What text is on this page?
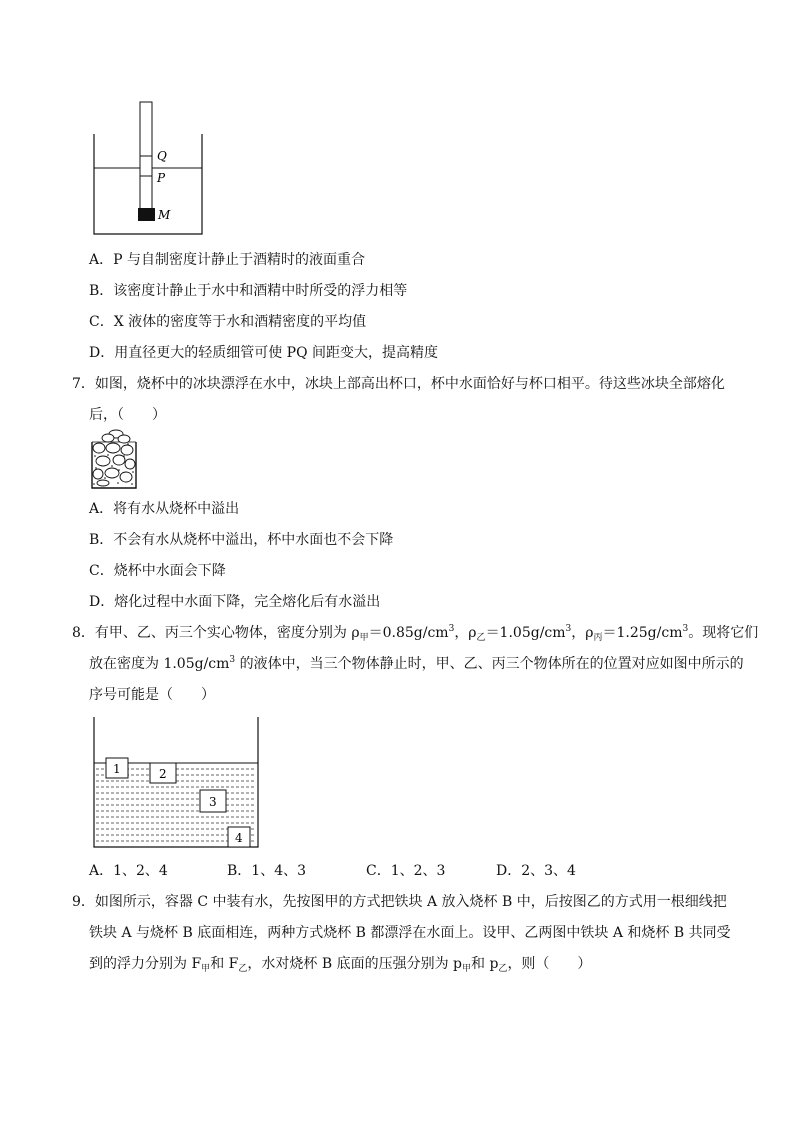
Q
P
M
A．P 与自制密度计静止于酒精时的液面重合
B．该密度计静止于水中和酒精中时所受的浮力相等
C．X 液体的密度等于水和酒精密度的平均值
D．用直径更大的轻质细管可使 PQ 间距变大，提高精度
7．如图，烧杯中的冰块漂浮在水中，冰块上部高出杯口，杯中水面恰好与杯口相平。待这些冰块全部熔化
后，（　　）
A．将有水从烧杯中溢出
B．不会有水从烧杯中溢出，杯中水面也不会下降
C．烧杯中水面会下降
D．熔化过程中水面下降，完全熔化后有水溢出
8．有甲、乙、丙三个实心物体，密度分别为 $\rho_甲=0.85g/cm^3$，$\rho_乙=1.05g/cm^3$，$\rho_丙=1.25g/cm^3$。现将它们
放在密度为 $1.05g/cm^3$ 的液体中，当三个物体静止时，甲、乙、丙三个物体所在的位置对应如图中所示的
序号可能是（　　）
1	2
3
4
A．1、2、4	B．1、4、3	C．1、2、3	D．2、3、4
9．如图所示，容器 C 中装有水，先按图甲的方式把铁块 A 放入烧杯 B 中，后按图乙的方式用一根细线把
铁块 A 与烧杯 B 底面相连，两种方式烧杯 B 都漂浮在水面上。设甲、乙两图中铁块 A 和烧杯 B 共同受
到的浮力分别为 $F_甲$和 $F_乙$，水对烧杯 B 底面的压强分别为 $p_甲$和 $p_乙$，则（　　）
